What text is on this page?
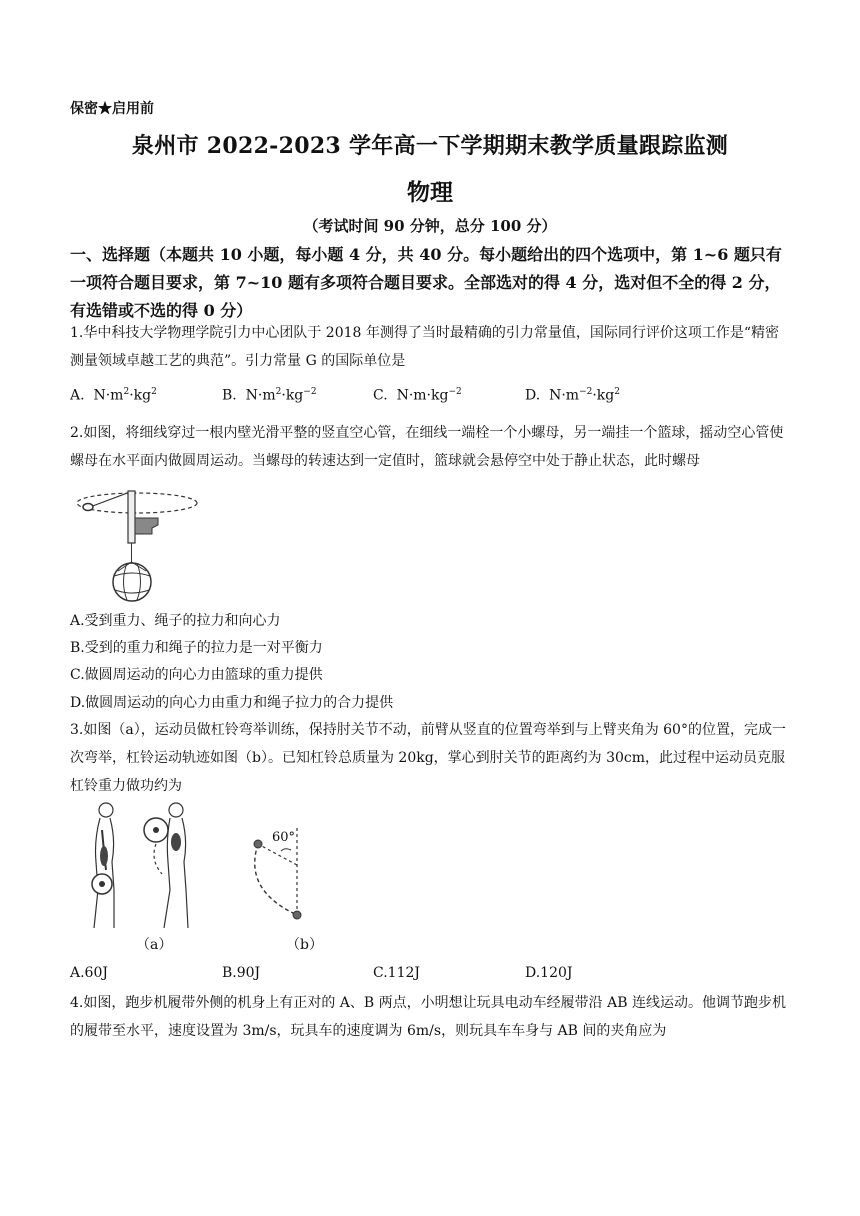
保密★启用前
泉州市 2022-2023 学年高一下学期期末教学质量跟踪监测
物理
（考试时间 90 分钟，总分 100 分）
一、选择题（本题共 10 小题，每小题 4 分，共 40 分。每小题给出的四个选项中，第 1~6 题只有一项符合题目要求，第 7~10 题有多项符合题目要求。全部选对的得 4 分，选对但不全的得 2 分，有选错或不选的得 0 分）
1.华中科技大学物理学院引力中心团队于 2018 年测得了当时最精确的引力常量值，国际同行评价这项工作是“精密测量领域卓越工艺的典范”。引力常量 G 的国际单位是
A. $N\cdot m^2\cdot kg^2$	B. $N\cdot m^2\cdot kg^{-2}$	C. $N\cdot m\cdot kg^{-2}$	D. $N\cdot m^{-2}\cdot kg^2$
2.如图，将细线穿过一根内壁光滑平整的竖直空心管，在细线一端栓一个小螺母，另一端挂一个篮球，摇动空心管使螺母在水平面内做圆周运动。当螺母的转速达到一定值时，篮球就会悬停空中处于静止状态，此时螺母
A.受到重力、绳子的拉力和向心力
B.受到的重力和绳子的拉力是一对平衡力
C.做圆周运动的向心力由篮球的重力提供
D.做圆周运动的向心力由重力和绳子拉力的合力提供
3.如图（a），运动员做杠铃弯举训练，保持肘关节不动，前臂从竖直的位置弯举到与上臂夹角为 60°的位置，完成一次弯举，杠铃运动轨迹如图（b）。已知杠铃总质量为 20kg，掌心到肘关节的距离约为 30cm，此过程中运动员克服杠铃重力做功约为
（a）
60°
（b）
A.60J	B.90J	C.112J	D.120J
4.如图，跑步机履带外侧的机身上有正对的 A、B 两点，小明想让玩具电动车经履带沿 AB 连线运动。他调节跑步机的履带至水平，速度设置为 3m/s，玩具车的速度调为 6m/s，则玩具车车身与 AB 间的夹角应为
